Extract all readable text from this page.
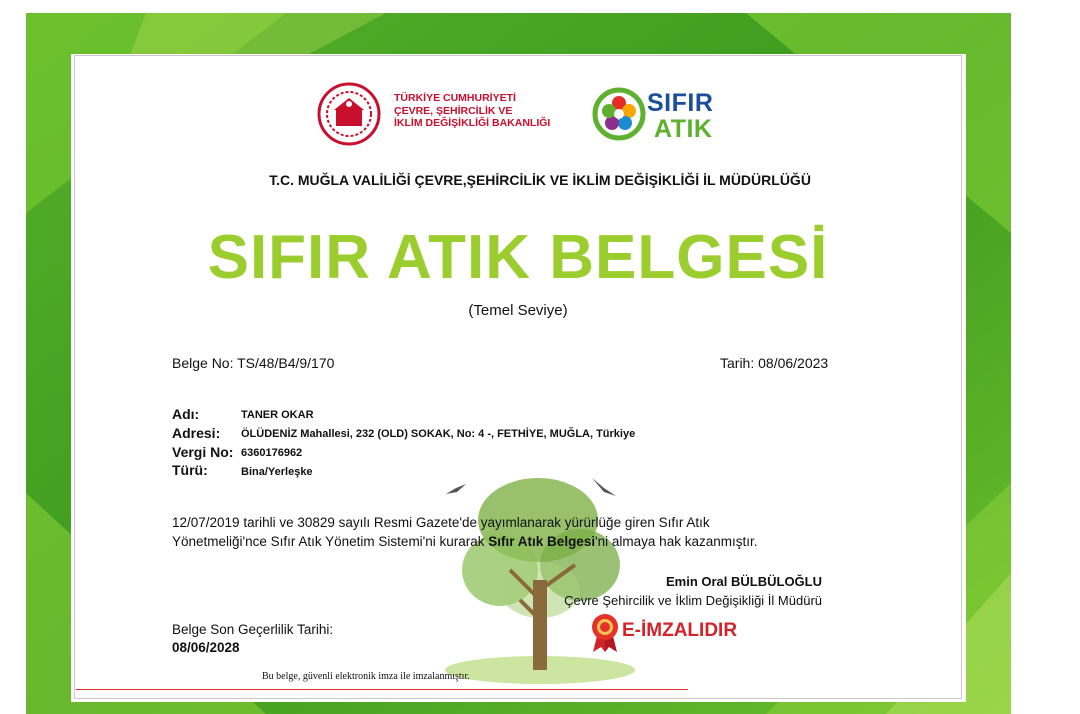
TÜRKİYE CUMHURİYETİ
ÇEVRE, ŞEHİRCİLİK VE
İKLİM DEĞİŞİKLİĞİ BAKANLIĞI
SIFIR
ATIK
T.C. MUĞLA VALİLİĞİ ÇEVRE,ŞEHİRCİLİK VE İKLİM DEĞİŞİKLİĞİ İL MÜDÜRLÜĞÜ
SIFIR ATIK BELGESİ
(Temel Seviye)
Belge No: TS/48/B4/9/170	Tarih: 08/06/2023
Adı:	TANER OKAR
Adresi: ÖLÜDENİZ Mahallesi, 232 (OLD) SOKAK, No: 4 -, FETHİYE, MUĞLA, Türkiye
Vergi No: 6360176962
Türü:	Bina/Yerleşke
12/07/2019 tarihli ve 30829 sayılı Resmi Gazete'de yayımlanarak yürürlüğe giren Sıfır Atık
Yönetmeliği'nce Sıfır Atık Yönetim Sistemi'ni kurarak Sıfır Atık Belgesi'ni almaya hak kazanmıştır.
Emin Oral BÜLBÜLOĞLU
Çevre Şehircilik ve İklim Değişikliği İl Müdürü
E-İMZALIDIR
Belge Son Geçerlilik Tarihi:
08/06/2028
Bu belge, güvenli elektronik imza ile imzalanmıştır.
